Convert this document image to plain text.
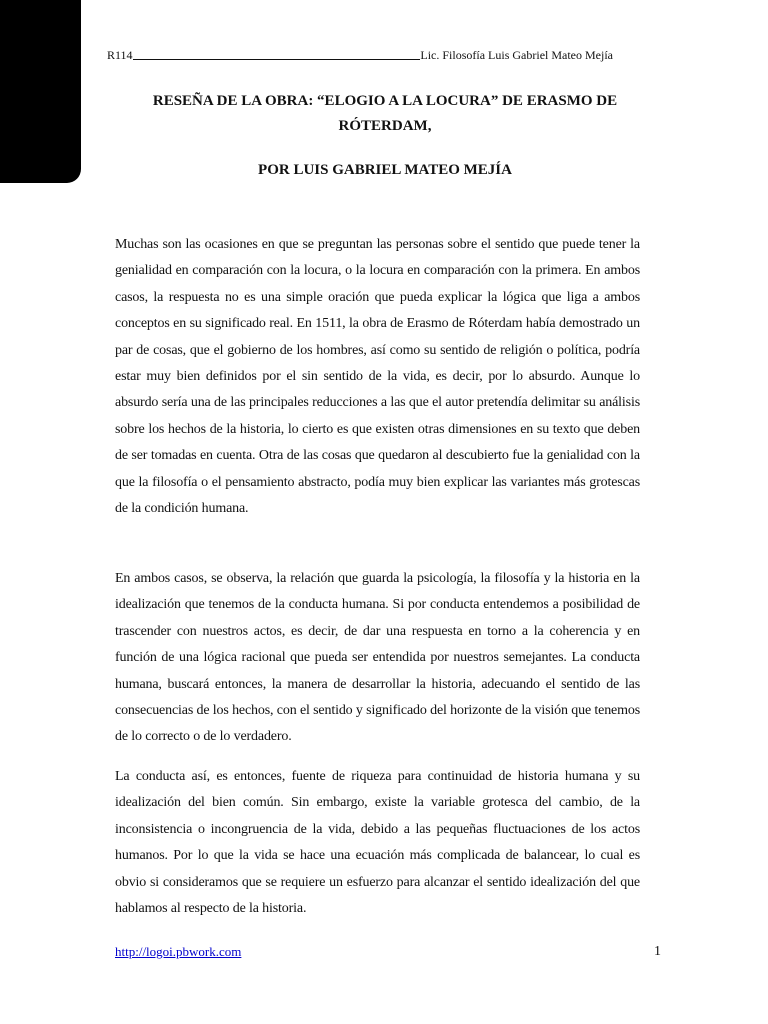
R114	Lic. Filosofía Luis Gabriel Mateo Mejía
RESEÑA DE LA OBRA: “ELOGIO A LA LOCURA” DE ERASMO DE RÓTERDAM,
POR LUIS GABRIEL MATEO MEJÍA

Muchas son las ocasiones en que se preguntan las personas sobre el sentido que puede tener la genialidad en comparación con la locura, o la locura en comparación con la primera. En ambos casos, la respuesta no es una simple oración que pueda explicar la lógica que liga a ambos conceptos en su significado real. En 1511, la obra de Erasmo de Róterdam había demostrado un par de cosas, que el gobierno de los hombres, así como su sentido de religión o política, podría estar muy bien definidos por el sin sentido de la vida, es decir, por lo absurdo. Aunque lo absurdo sería una de las principales reducciones a las que el autor pretendía delimitar su análisis sobre los hechos de la historia, lo cierto es que existen otras dimensiones en su texto que deben de ser tomadas en cuenta. Otra de las cosas que quedaron al descubierto fue la genialidad con la que la filosofía o el pensamiento abstracto, podía muy bien explicar las variantes más grotescas de la condición humana.

En ambos casos, se observa, la relación que guarda la psicología, la filosofía y la historia en la idealización que tenemos de la conducta humana. Si por conducta entendemos a posibilidad de trascender con nuestros actos, es decir, de dar una respuesta en torno a la coherencia y en función de una lógica racional que pueda ser entendida por nuestros semejantes. La conducta humana, buscará entonces, la manera de desarrollar la historia, adecuando el sentido de las consecuencias de los hechos, con el sentido y significado del horizonte de la visión que tenemos de lo correcto o de lo verdadero.

La conducta así, es entonces, fuente de riqueza para continuidad de historia humana y su idealización del bien común. Sin embargo, existe la variable grotesca del cambio, de la inconsistencia o incongruencia de la vida, debido a las pequeñas fluctuaciones de los actos humanos. Por lo que la vida se hace una ecuación más complicada de balancear, lo cual es obvio si consideramos que se requiere un esfuerzo para alcanzar el sentido idealización del que hablamos al respecto de la historia.

http://logoi.pbwork.com	1
